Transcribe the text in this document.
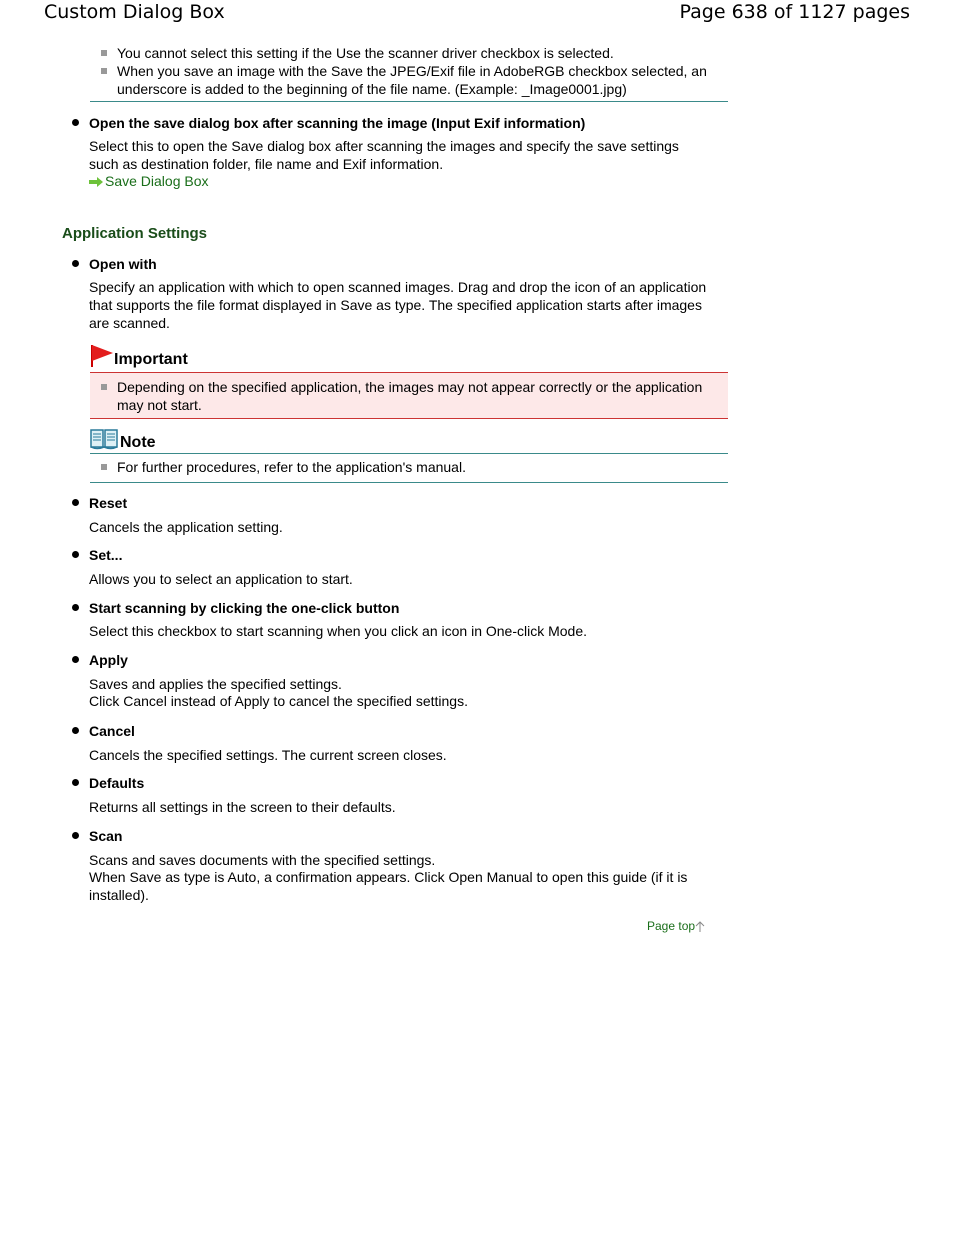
Custom Dialog Box	Page 638 of 1127 pages
You cannot select this setting if the Use the scanner driver checkbox is selected.
When you save an image with the Save the JPEG/Exif file in AdobeRGB checkbox selected, an underscore is added to the beginning of the file name. (Example: _Image0001.jpg)
Open the save dialog box after scanning the image (Input Exif information)
Select this to open the Save dialog box after scanning the images and specify the save settings such as destination folder, file name and Exif information.
Save Dialog Box
Application Settings
Open with
Specify an application with which to open scanned images. Drag and drop the icon of an application that supports the file format displayed in Save as type. The specified application starts after images are scanned.
Important
Depending on the specified application, the images may not appear correctly or the application may not start.
Note
For further procedures, refer to the application's manual.
Reset
Cancels the application setting.
Set...
Allows you to select an application to start.
Start scanning by clicking the one-click button
Select this checkbox to start scanning when you click an icon in One-click Mode.
Apply
Saves and applies the specified settings.
Click Cancel instead of Apply to cancel the specified settings.
Cancel
Cancels the specified settings. The current screen closes.
Defaults
Returns all settings in the screen to their defaults.
Scan
Scans and saves documents with the specified settings.
When Save as type is Auto, a confirmation appears. Click Open Manual to open this guide (if it is installed).
Page top
